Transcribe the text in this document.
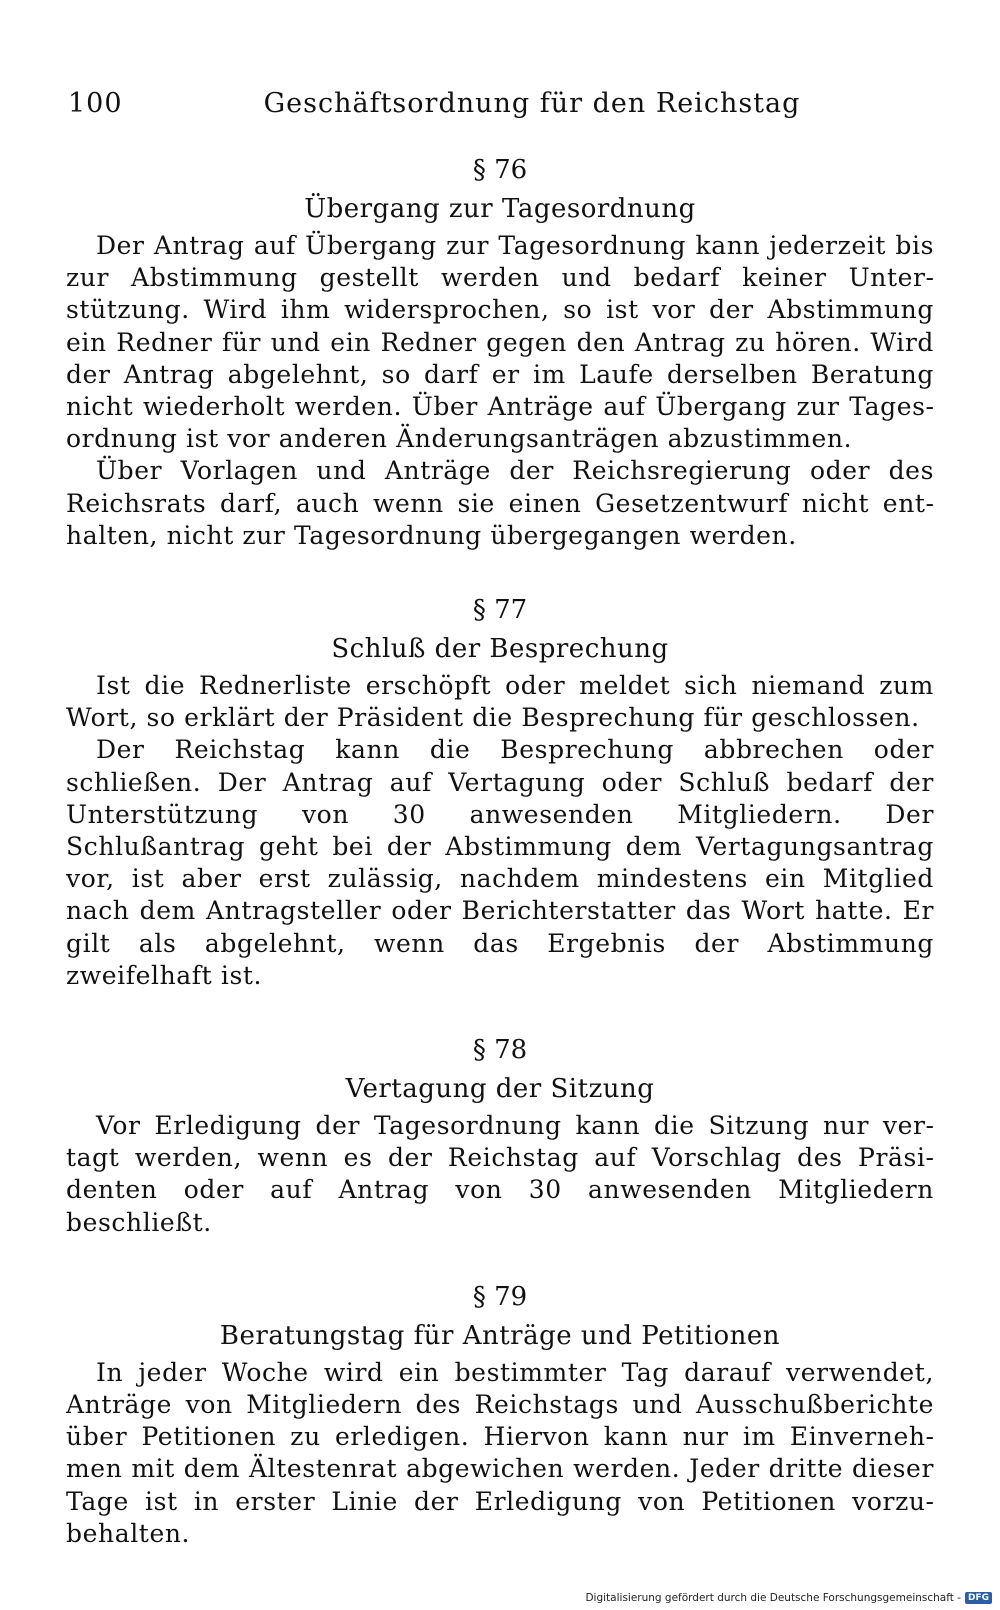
100	Geschäftsordnung für den Reichstag

§ 76

Übergang zur Tagesordnung

Der Antrag auf Übergang zur Tagesordnung kann jederzeit bis zur Abstimmung gestellt werden und bedarf keiner Unterstützung. Wird ihm widersprochen, so ist vor der Abstimmung ein Redner für und ein Redner gegen den Antrag zu hören. Wird der Antrag abgelehnt, so darf er im Laufe derselben Beratung nicht wiederholt werden. Über Anträge auf Übergang zur Tagesordnung ist vor anderen Änderungsanträgen abzustimmen.

Über Vorlagen und Anträge der Reichsregierung oder des Reichsrats darf, auch wenn sie einen Gesetzentwurf nicht enthalten, nicht zur Tagesordnung übergegangen werden.

§ 77

Schluß der Besprechung

Ist die Rednerliste erschöpft oder meldet sich niemand zum Wort, so erklärt der Präsident die Besprechung für geschlossen.

Der Reichstag kann die Besprechung abbrechen oder schließen. Der Antrag auf Vertagung oder Schluß bedarf der Unterstützung von 30 anwesenden Mitgliedern. Der Schlußantrag geht bei der Abstimmung dem Vertagungsantrag vor, ist aber erst zulässig, nachdem mindestens ein Mitglied nach dem Antragsteller oder Berichterstatter das Wort hatte. Er gilt als abgelehnt, wenn das Ergebnis der Abstimmung zweifelhaft ist.

§ 78

Vertagung der Sitzung

Vor Erledigung der Tagesordnung kann die Sitzung nur vertagt werden, wenn es der Reichstag auf Vorschlag des Präsidenten oder auf Antrag von 30 anwesenden Mitgliedern beschließt.

§ 79

Beratungstag für Anträge und Petitionen

In jeder Woche wird ein bestimmter Tag darauf verwendet, Anträge von Mitgliedern des Reichstags und Ausschußberichte über Petitionen zu erledigen. Hiervon kann nur im Einvernehmen mit dem Ältestenrat abgewichen werden. Jeder dritte dieser Tage ist in erster Linie der Erledigung von Petitionen vorzubehalten.

Digitalisierung gefördert durch die Deutsche Forschungsgemeinschaft - DFG
